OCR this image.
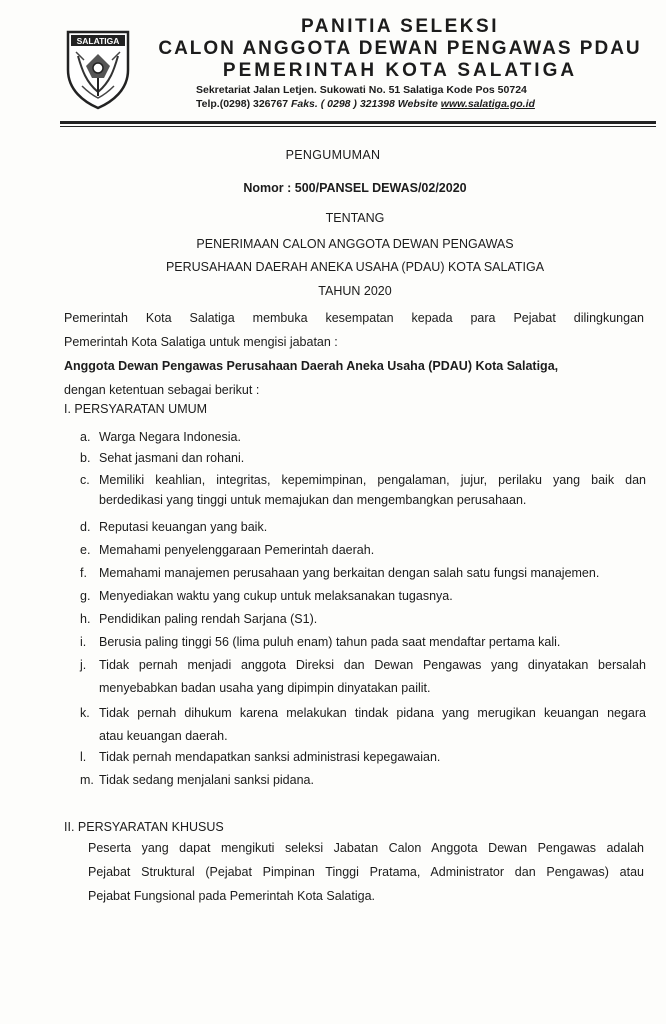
SALATIGA
PANITIA SELEKSI
CALON ANGGOTA DEWAN PENGAWAS PDAU
PEMERINTAH KOTA SALATIGA
Sekretariat Jalan Letjen. Sukowati No. 51 Salatiga Kode Pos 50724
Telp.(0298) 326767 Faks. ( 0298 ) 321398 Website www.salatiga.go.id
PENGUMUMAN
Nomor : 500/PANSEL DEWAS/02/2020
TENTANG
PENERIMAAN CALON ANGGOTA DEWAN PENGAWAS
PERUSAHAAN DAERAH ANEKA USAHA (PDAU) KOTA SALATIGA
TAHUN 2020
Pemerintah Kota Salatiga membuka kesempatan kepada para Pejabat dilingkungan
Pemerintah Kota Salatiga untuk mengisi jabatan :
Anggota Dewan Pengawas Perusahaan Daerah Aneka Usaha (PDAU) Kota Salatiga,
dengan ketentuan sebagai berikut :
I. PERSYARATAN UMUM
a. Warga Negara Indonesia.
b. Sehat jasmani dan rohani.
c. Memiliki keahlian, integritas, kepemimpinan, pengalaman, jujur, perilaku yang baik dan
berdedikasi yang tinggi untuk memajukan dan mengembangkan perusahaan.
d. Reputasi keuangan yang baik.
e. Memahami penyelenggaraan Pemerintah daerah.
f. Memahami manajemen perusahaan yang berkaitan dengan salah satu fungsi manajemen.
g. Menyediakan waktu yang cukup untuk melaksanakan tugasnya.
h. Pendidikan paling rendah Sarjana (S1).
i.	Berusia paling tinggi 56 (lima puluh enam) tahun pada saat mendaftar pertama kali.
j.	Tidak pernah menjadi anggota Direksi dan Dewan Pengawas yang dinyatakan bersalah
menyebabkan badan usaha yang dipimpin dinyatakan pailit.
k. Tidak pernah dihukum karena melakukan tindak pidana yang merugikan keuangan negara
atau keuangan daerah.
l.	Tidak pernah mendapatkan sanksi administrasi kepegawaian.
m. Tidak sedang menjalani sanksi pidana.
II. PERSYARATAN KHUSUS
Peserta yang dapat mengikuti seleksi Jabatan Calon Anggota Dewan Pengawas adalah
Pejabat Struktural (Pejabat Pimpinan Tinggi Pratama, Administrator dan Pengawas) atau
Pejabat Fungsional pada Pemerintah Kota Salatiga.
